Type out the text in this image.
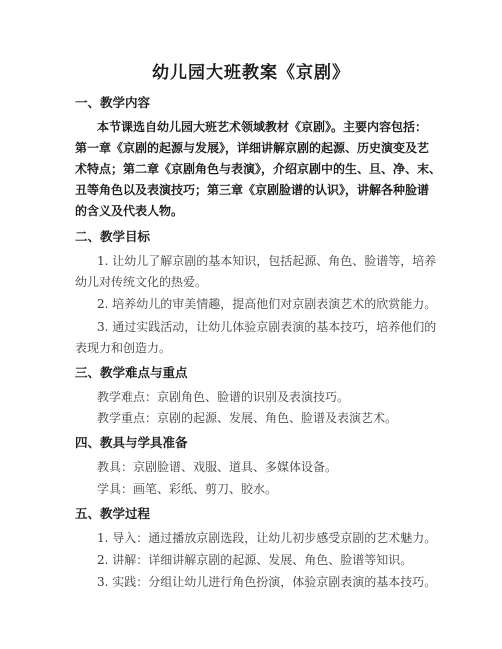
幼儿园大班教案《京剧》
一、教学内容
本节课选自幼儿园大班艺术领域教材《京剧》。主要内容包括：
第一章《京剧的起源与发展》，详细讲解京剧的起源、历史演变及艺
术特点；第二章《京剧角色与表演》，介绍京剧中的生、旦、净、末、
丑等角色以及表演技巧；第三章《京剧脸谱的认识》，讲解各种脸谱
的含义及代表人物。
二、教学目标
1. 让幼儿了解京剧的基本知识，包括起源、角色、脸谱等，培养
幼儿对传统文化的热爱。
2. 培养幼儿的审美情趣，提高他们对京剧表演艺术的欣赏能力。
3. 通过实践活动，让幼儿体验京剧表演的基本技巧，培养他们的
表现力和创造力。
三、教学难点与重点
教学难点：京剧角色、脸谱的识别及表演技巧。
教学重点：京剧的起源、发展、角色、脸谱及表演艺术。
四、教具与学具准备
教具：京剧脸谱、戏服、道具、多媒体设备。
学具：画笔、彩纸、剪刀、胶水。
五、教学过程
1. 导入：通过播放京剧选段，让幼儿初步感受京剧的艺术魅力。
2. 讲解：详细讲解京剧的起源、发展、角色、脸谱等知识。
3. 实践：分组让幼儿进行角色扮演，体验京剧表演的基本技巧。
